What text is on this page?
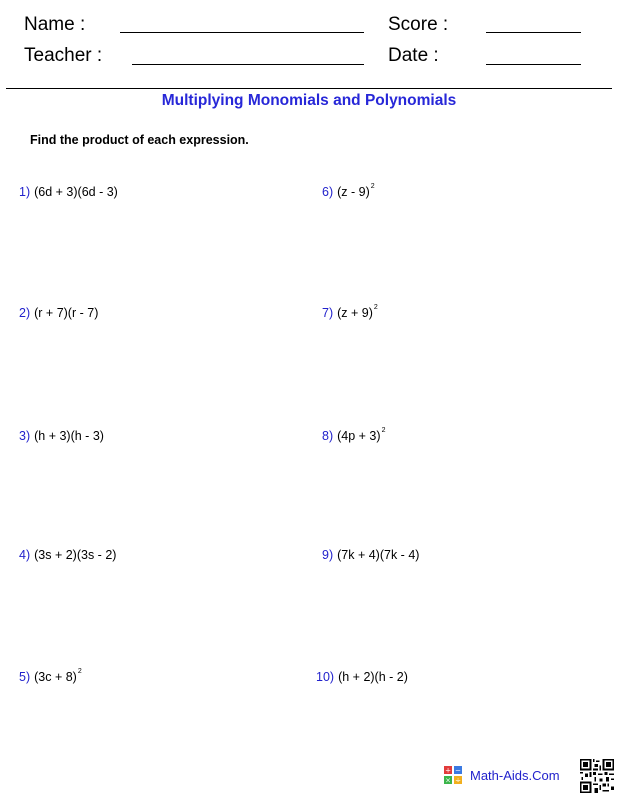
Name :	Score :
Teacher :	Date :
Multiplying Monomials and Polynomials
Find the product of each expression.
1) (6d + 3)(6d - 3)
2) (r + 7)(r - 7)
3) (h + 3)(h - 3)
4) (3s + 2)(3s - 2)
5) $(3c + 8)^2$
6) (z - 9)$^2$
7) $(z + 9)^2$
8) $(4p + 3)^2$
9) (7k + 4)(7k - 4)
10) (h + 2)(h - 2)
+ −
× ÷ Math-Aids.Com
